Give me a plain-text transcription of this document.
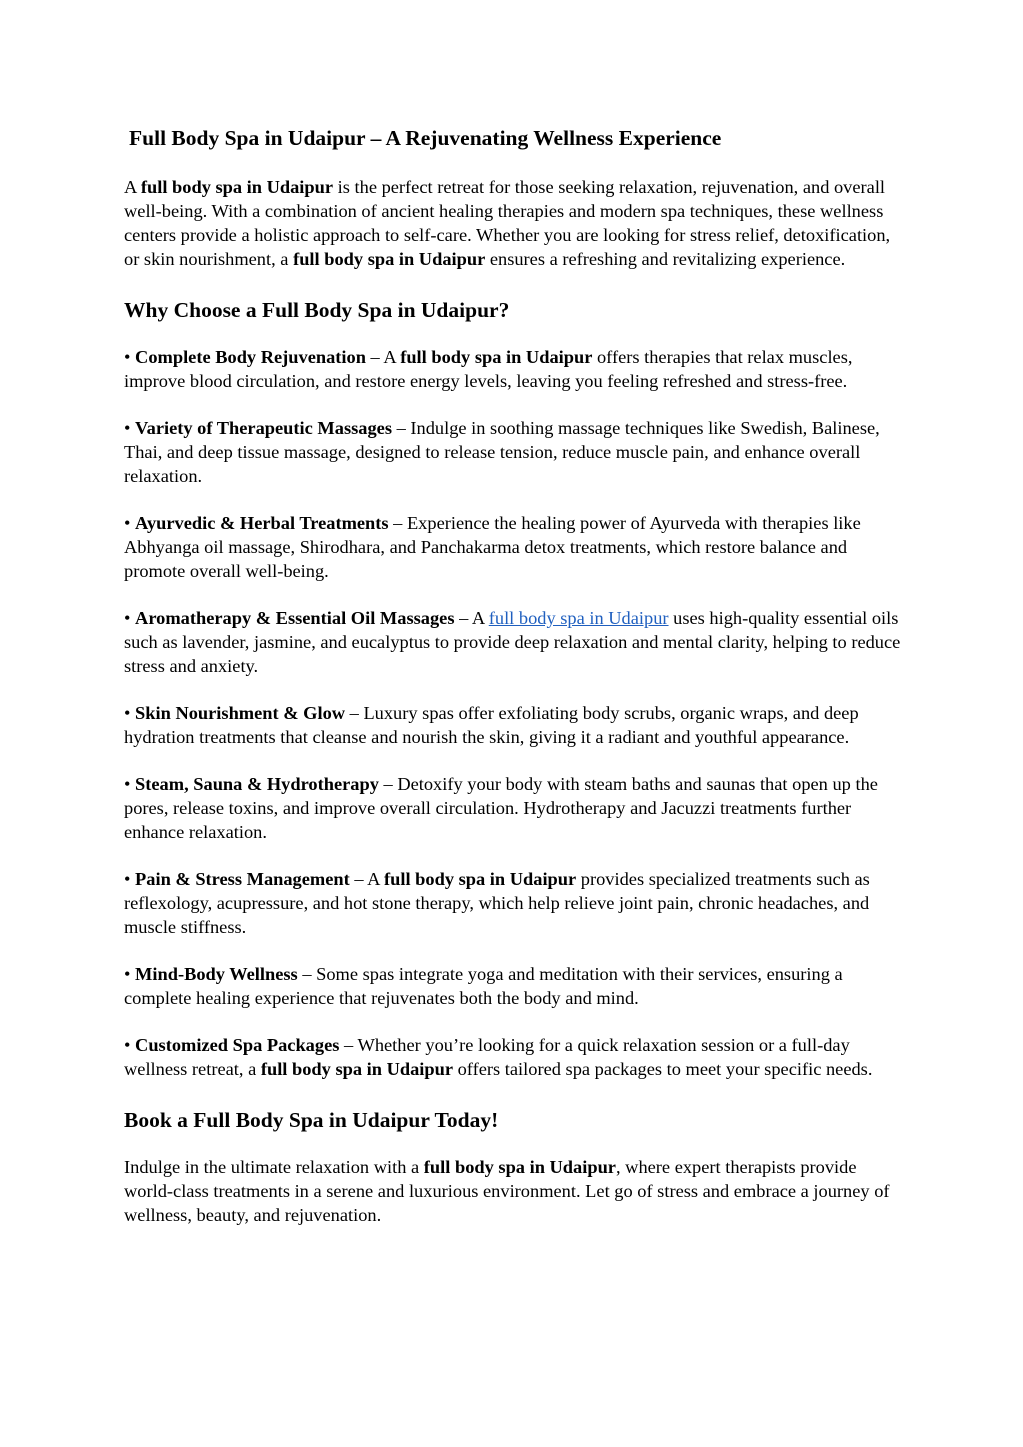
Full Body Spa in Udaipur – A Rejuvenating Wellness Experience

A full body spa in Udaipur is the perfect retreat for those seeking relaxation, rejuvenation, and overall well-being. With a combination of ancient healing therapies and modern spa techniques, these wellness centers provide a holistic approach to self-care. Whether you are looking for stress relief, detoxification, or skin nourishment, a full body spa in Udaipur ensures a refreshing and revitalizing experience.

Why Choose a Full Body Spa in Udaipur?

• Complete Body Rejuvenation – A full body spa in Udaipur offers therapies that relax muscles, improve blood circulation, and restore energy levels, leaving you feeling refreshed and stress-free.

• Variety of Therapeutic Massages – Indulge in soothing massage techniques like Swedish, Balinese, Thai, and deep tissue massage, designed to release tension, reduce muscle pain, and enhance overall relaxation.

• Ayurvedic & Herbal Treatments – Experience the healing power of Ayurveda with therapies like Abhyanga oil massage, Shirodhara, and Panchakarma detox treatments, which restore balance and promote overall well-being.

• Aromatherapy & Essential Oil Massages – A full body spa in Udaipur uses high-quality essential oils such as lavender, jasmine, and eucalyptus to provide deep relaxation and mental clarity, helping to reduce stress and anxiety.

• Skin Nourishment & Glow – Luxury spas offer exfoliating body scrubs, organic wraps, and deep hydration treatments that cleanse and nourish the skin, giving it a radiant and youthful appearance.

• Steam, Sauna & Hydrotherapy – Detoxify your body with steam baths and saunas that open up the pores, release toxins, and improve overall circulation. Hydrotherapy and Jacuzzi treatments further enhance relaxation.

• Pain & Stress Management – A full body spa in Udaipur provides specialized treatments such as reflexology, acupressure, and hot stone therapy, which help relieve joint pain, chronic headaches, and muscle stiffness.

• Mind-Body Wellness – Some spas integrate yoga and meditation with their services, ensuring a complete healing experience that rejuvenates both the body and mind.

• Customized Spa Packages – Whether you’re looking for a quick relaxation session or a full-day wellness retreat, a full body spa in Udaipur offers tailored spa packages to meet your specific needs.

Book a Full Body Spa in Udaipur Today!

Indulge in the ultimate relaxation with a full body spa in Udaipur, where expert therapists provide world-class treatments in a serene and luxurious environment. Let go of stress and embrace a journey of wellness, beauty, and rejuvenation.
